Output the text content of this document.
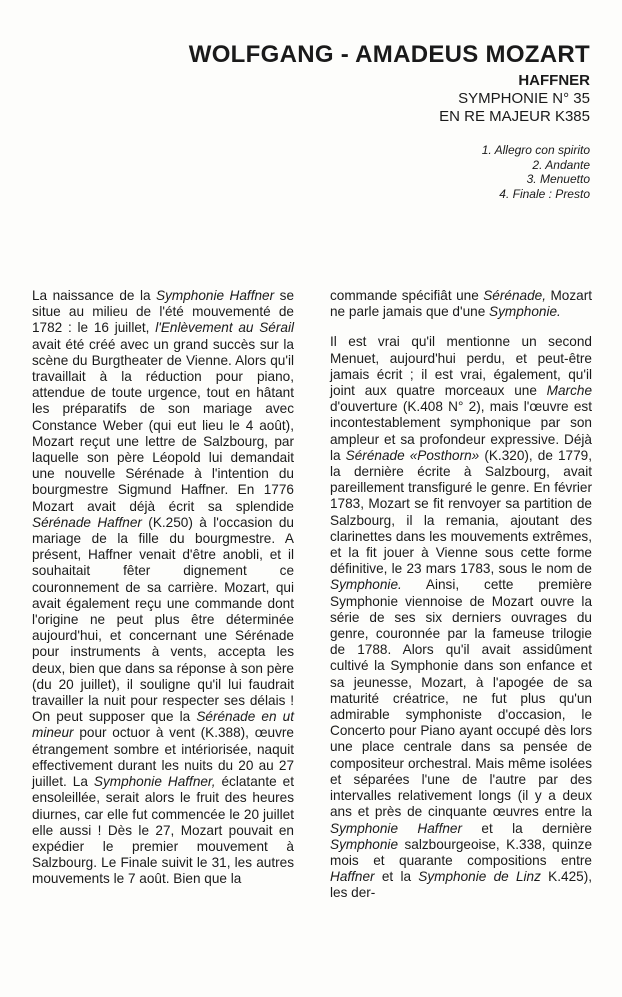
WOLFGANG - AMADEUS MOZART
HAFFNER
SYMPHONIE N° 35
EN RE MAJEUR K385
1. Allegro con spirito
2. Andante
3. Menuetto
4. Finale : Presto

La naissance de la Symphonie Haffner se situe au milieu de l'été mouvementé de 1782 : le 16 juillet, l'Enlèvement au Sérail avait été créé avec un grand succès sur la scène du Burgtheater de Vienne. Alors qu'il travaillait à la réduction pour piano, attendue de toute urgence, tout en hâtant les préparatifs de son mariage avec Constance Weber (qui eut lieu le 4 août), Mozart reçut une lettre de Salzbourg, par laquelle son père Léopold lui demandait une nouvelle Sérénade à l'intention du bourgmestre Sigmund Haffner. En 1776 Mozart avait déjà écrit sa splendide Sérénade Haffner (K.250) à l'occasion du mariage de la fille du bourgmestre. A présent, Haffner venait d'être anobli, et il souhaitait fêter dignement ce couronnement de sa carrière. Mozart, qui avait également reçu une commande dont l'origine ne peut plus être déterminée aujourd'hui, et concernant une Sérénade pour instruments à vents, accepta les deux, bien que dans sa réponse à son père (du 20 juillet), il souligne qu'il lui faudrait travailler la nuit pour respecter ses délais ! On peut supposer que la Sérénade en ut mineur pour octuor à vent (K.388), œuvre étrangement sombre et intériorisée, naquit effectivement durant les nuits du 20 au 27 juillet. La Symphonie Haffner, éclatante et ensoleillée, serait alors le fruit des heures diurnes, car elle fut commencée le 20 juillet elle aussi ! Dès le 27, Mozart pouvait en expédier le premier mouvement à Salzbourg. Le Finale suivit le 31, les autres mouvements le 7 août. Bien que la

commande spécifiât une Sérénade, Mozart ne parle jamais que d'une Symphonie.

Il est vrai qu'il mentionne un second Menuet, aujourd'hui perdu, et peut-être jamais écrit ; il est vrai, également, qu'il joint aux quatre morceaux une Marche d'ouverture (K.408 N° 2), mais l'œuvre est incontestablement symphonique par son ampleur et sa profondeur expressive. Déjà la Sérénade «Posthorn» (K.320), de 1779, la dernière écrite à Salzbourg, avait pareillement transfiguré le genre. En février 1783, Mozart se fit renvoyer sa partition de Salzbourg, il la remania, ajoutant des clarinettes dans les mouvements extrêmes, et la fit jouer à Vienne sous cette forme définitive, le 23 mars 1783, sous le nom de Symphonie. Ainsi, cette première Symphonie viennoise de Mozart ouvre la série de ses six derniers ouvrages du genre, couronnée par la fameuse trilogie de 1788. Alors qu'il avait assidûment cultivé la Symphonie dans son enfance et sa jeunesse, Mozart, à l'apogée de sa maturité créatrice, ne fut plus qu'un admirable symphoniste d'occasion, le Concerto pour Piano ayant occupé dès lors une place centrale dans sa pensée de compositeur orchestral. Mais même isolées et séparées l'une de l'autre par des intervalles relativement longs (il y a deux ans et près de cinquante œuvres entre la Symphonie Haffner et la dernière Symphonie salzbourgeoise, K.338, quinze mois et quarante compositions entre Haffner et la Symphonie de Linz K.425), les der-
